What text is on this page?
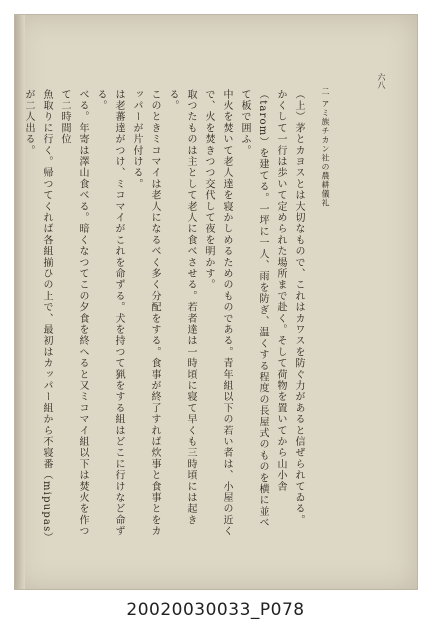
二 アミ族チカン社の農耕儀礼
六八

（上）茅とカヨスとは大切なもので、これはカワスを防ぐ力があると信ぜられてゐる。

かくして一行は歩いて定められた場所まで赴く。そして荷物を置いてから山小舎（tarom）を建てる。一坪に一人、雨を防ぎ、温くする程度の長屋式のものを横に並べて板で囲ふ。

中火を焚いて老人達を寝かしめるためのものである。青年組以下の若い者は、小屋の近くで、火を焚きつつ交代して夜を明かす。

取つたものは主として老人に食べさせる。若者達は一時頃に寝て早くも三時頃には起きる。

このときミコマイは老人になるべく多く分配をする。食事が終了すれば炊事と食事とをカッパーが片付ける。

は老蕃達がつけ、ミコマイがこれを命ずる。犬を持つて猟をする組はどこに行けなど命ずる。

べる。年寄は澤山食べる。暗くなつてこの夕食を終へると又ミコマイ組以下は焚火を作つて二時間位

魚取りに行く。帰つてくれば各組揃ひの上で、最初はカッパー組から不寝番（mipupas）が二人出る。

20020030033_P078
